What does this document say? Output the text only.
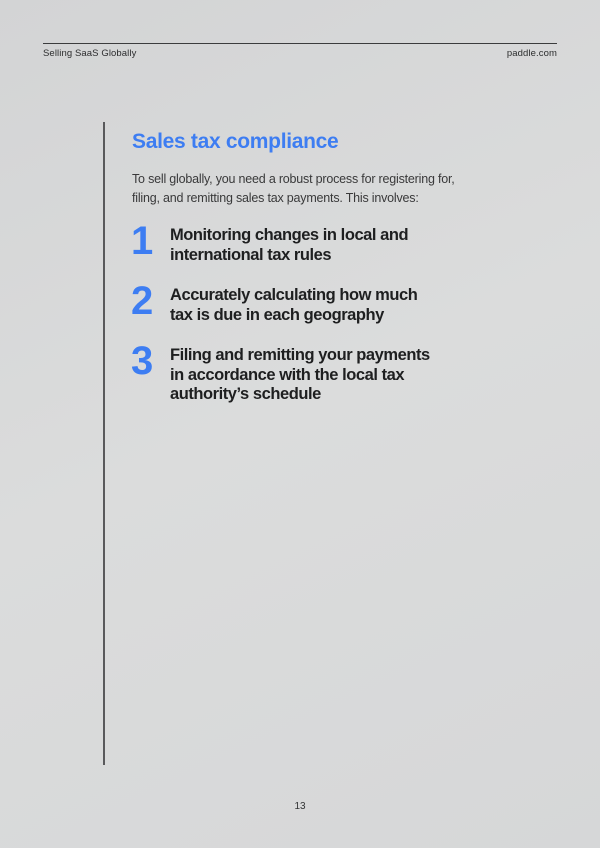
Selling SaaS Globally	paddle.com
Sales tax compliance

To sell globally, you need a robust process for registering for,
filing, and remitting sales tax payments. This involves:

1	Monitoring changes in local and
international tax rules
2	Accurately calculating how much
tax is due in each geography
3	Filing and remitting your payments
in accordance with the local tax
authority’s schedule
13
